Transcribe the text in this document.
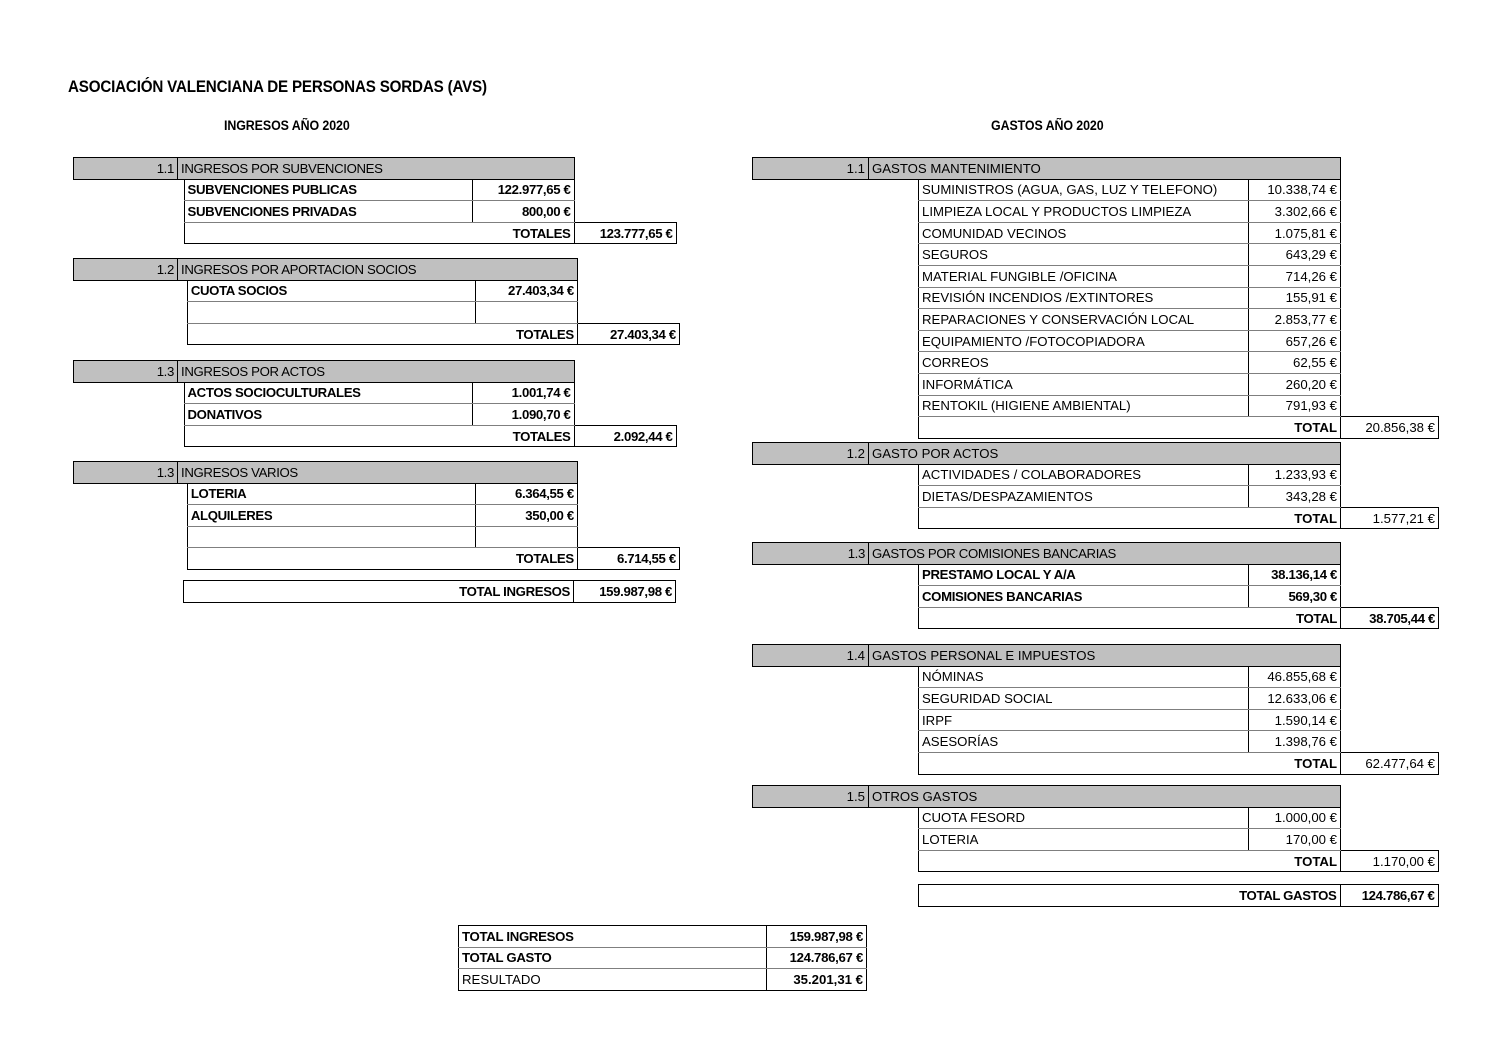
ASOCIACIÓN VALENCIANA DE PERSONAS SORDAS (AVS)
INGRESOS AÑO 2020	GASTOS AÑO 2020
1.1	INGRESOS POR SUBVENCIONES			
		SUBVENCIONES PUBLICAS	122.977,65 €	
		SUBVENCIONES PRIVADAS	800,00 €	
		TOTALES		123.777,65 €
1.2	INGRESOS POR APORTACION SOCIOS			
		CUOTA SOCIOS	27.403,34 €	

		TOTALES		27.403,34 €
1.3	INGRESOS POR ACTOS			
		ACTOS SOCIOCULTURALES	1.001,74 €	
		DONATIVOS	1.090,70 €	
		TOTALES		2.092,44 €
1.3	INGRESOS VARIOS			
		LOTERIA	6.364,55 €	
		ALQUILERES	350,00 €	

		TOTALES		6.714,55 €
		TOTAL INGRESOS	159.987,98 €
1.1	GASTOS MANTENIMIENTO			
		SUMINISTROS (AGUA, GAS, LUZ Y TELEFONO)	10.338,74 €	
		LIMPIEZA LOCAL Y PRODUCTOS LIMPIEZA	3.302,66 €	
		COMUNIDAD VECINOS	1.075,81 €	
		SEGUROS	643,29 €	
		MATERIAL FUNGIBLE /OFICINA	714,26 €	
		REVISIÓN INCENDIOS /EXTINTORES	155,91 €	
		REPARACIONES Y CONSERVACIÓN LOCAL	2.853,77 €	
		EQUIPAMIENTO /FOTOCOPIADORA	657,26 €	
		CORREOS	62,55 €	
		INFORMÁTICA	260,20 €	
		RENTOKIL (HIGIENE AMBIENTAL)	791,93 €	
		TOTAL		20.856,38 €
1.2	GASTO POR ACTOS			
		ACTIVIDADES / COLABORADORES	1.233,93 €	
		DIETAS/DESPAZAMIENTOS	343,28 €	
		TOTAL		1.577,21 €
1.3	GASTOS POR COMISIONES BANCARIAS			
		PRESTAMO LOCAL Y A/A	38.136,14 €	
		COMISIONES BANCARIAS	569,30 €	
		TOTAL		38.705,44 €
1.4	GASTOS PERSONAL E IMPUESTOS			
		NÓMINAS	46.855,68 €	
		SEGURIDAD SOCIAL	12.633,06 €	
		IRPF	1.590,14 €	
		ASESORÍAS	1.398,76 €	
		TOTAL		62.477,64 €
1.5	OTROS GASTOS			
		CUOTA FESORD	1.000,00 €	
		LOTERIA	170,00 €	
		TOTAL		1.170,00 €
		TOTAL GASTOS	124.786,67 €
TOTAL INGRESOS	159.987,98 €
TOTAL GASTO	124.786,67 €
RESULTADO	35.201,31 €
